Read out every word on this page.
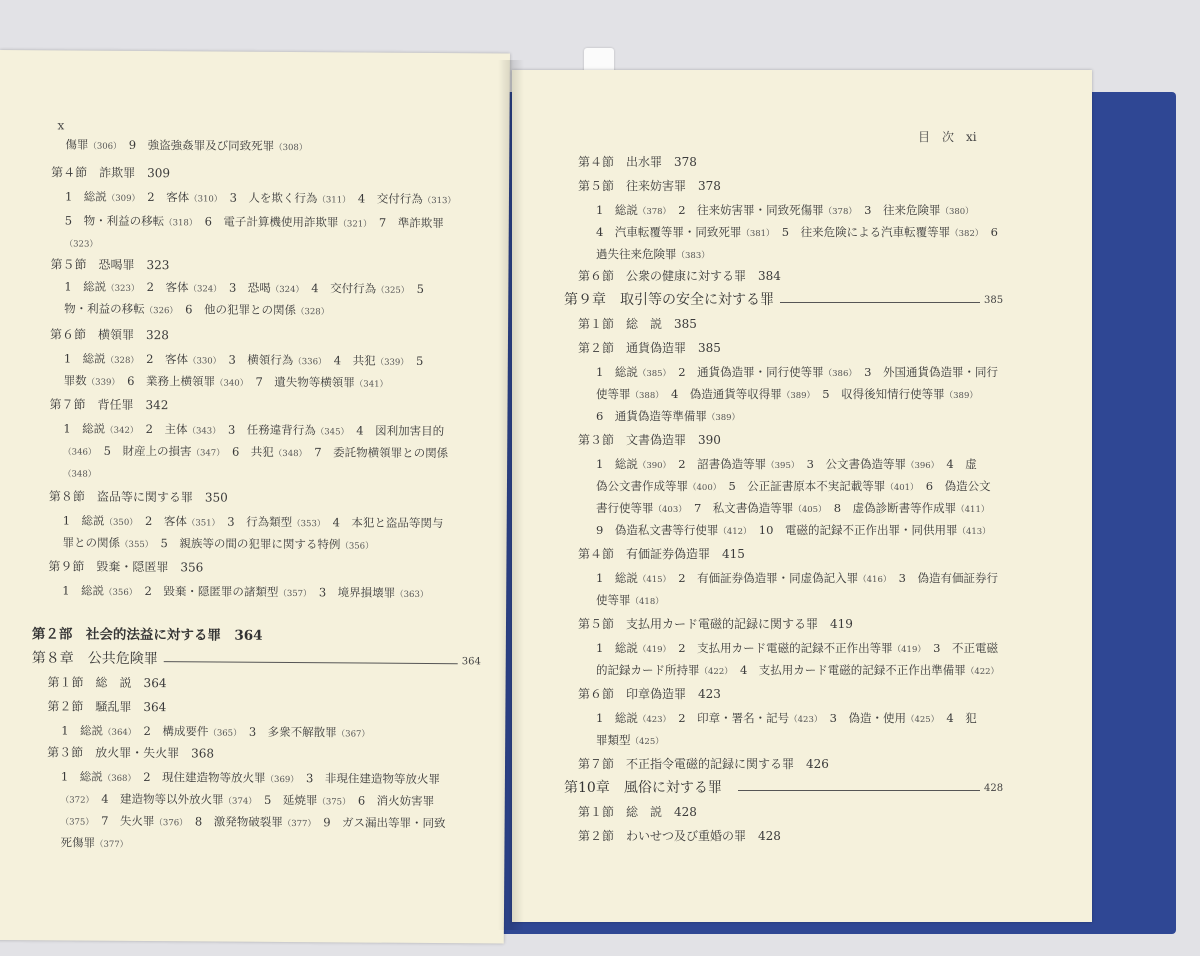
x
傷罪（306）　9　強盗強姦罪及び同致死罪（308）
第４節　詐欺罪　309
1　総説（309）　2　客体（310）　3　人を欺く行為（311）　4　交付行為（313）
5　物・利益の移転（318）　6　電子計算機使用詐欺罪（321）　7　準詐欺罪
（323）
第５節　恐喝罪　323
1　総説（323）　2　客体（324）　3　恐喝（324）　4　交付行為（325）　5
物・利益の移転（326）　6　他の犯罪との関係（328）
第６節　横領罪　328
1　総説（328）　2　客体（330）　3　横領行為（336）　4　共犯（339）　5
罪数（339）　6　業務上横領罪（340）　7　遺失物等横領罪（341）
第７節　背任罪　342
1　総説（342）　2　主体（343）　3　任務違背行為（345）　4　図利加害目的
（346）　5　財産上の損害（347）　6　共犯（348）　7　委託物横領罪との関係
（348）
第８節　盗品等に関する罪　350
1　総説（350）　2　客体（351）　3　行為類型（353）　4　本犯と盗品等関与
罪との関係（355）　5　親族等の間の犯罪に関する特例（356）
第９節　毀棄・隠匿罪　356
1　総説（356）　2　毀棄・隠匿罪の諸類型（357）　3　境界損壊罪（363）
第２部　社会的法益に対する罪　364
第８章　公共危険罪	364
第１節　総　説　364
第２節　騒乱罪　364
1　総説（364）　2　構成要件（365）　3　多衆不解散罪（367）
第３節　放火罪・失火罪　368
1　総説（368）　2　現住建造物等放火罪（369）　3　非現住建造物等放火罪
（372）　4　建造物等以外放火罪（374）　5　延焼罪（375）　6　消火妨害罪
（375）　7　失火罪（376）　8　激発物破裂罪（377）　9　ガス漏出等罪・同致
死傷罪（377）
目　次　xi
第４節　出水罪　378
第５節　往来妨害罪　378
1　総説（378）　2　往来妨害罪・同致死傷罪（378）　3　往来危険罪（380）
4　汽車転覆等罪・同致死罪（381）　5　往来危険による汽車転覆等罪（382）　6
過失往来危険罪（383）
第６節　公衆の健康に対する罪　384
第９章　取引等の安全に対する罪	385
第１節　総　説　385
第２節　通貨偽造罪　385
1　総説（385）　2　通貨偽造罪・同行使等罪（386）　3　外国通貨偽造罪・同行
使等罪（388）　4　偽造通貨等収得罪（389）　5　収得後知情行使等罪（389）
6　通貨偽造等準備罪（389）
第３節　文書偽造罪　390
1　総説（390）　2　詔書偽造等罪（395）　3　公文書偽造等罪（396）　4　虚
偽公文書作成等罪（400）　5　公正証書原本不実記載等罪（401）　6　偽造公文
書行使等罪（403）　7　私文書偽造等罪（405）　8　虚偽診断書等作成罪（411）
9　偽造私文書等行使罪（412）　10　電磁的記録不正作出罪・同供用罪（413）
第４節　有価証券偽造罪　415
1　総説（415）　2　有価証券偽造罪・同虚偽記入罪（416）　3　偽造有価証券行
使等罪（418）
第５節　支払用カード電磁的記録に関する罪　419
1　総説（419）　2　支払用カード電磁的記録不正作出等罪（419）　3　不正電磁
的記録カード所持罪（422）　4　支払用カード電磁的記録不正作出準備罪（422）
第６節　印章偽造罪　423
1　総説（423）　2　印章・署名・記号（423）　3　偽造・使用（425）　4　犯
罪類型（425）
第７節　不正指令電磁的記録に関する罪　426
第10章　風俗に対する罪	428
第１節　総　説　428
第２節　わいせつ及び重婚の罪　428
